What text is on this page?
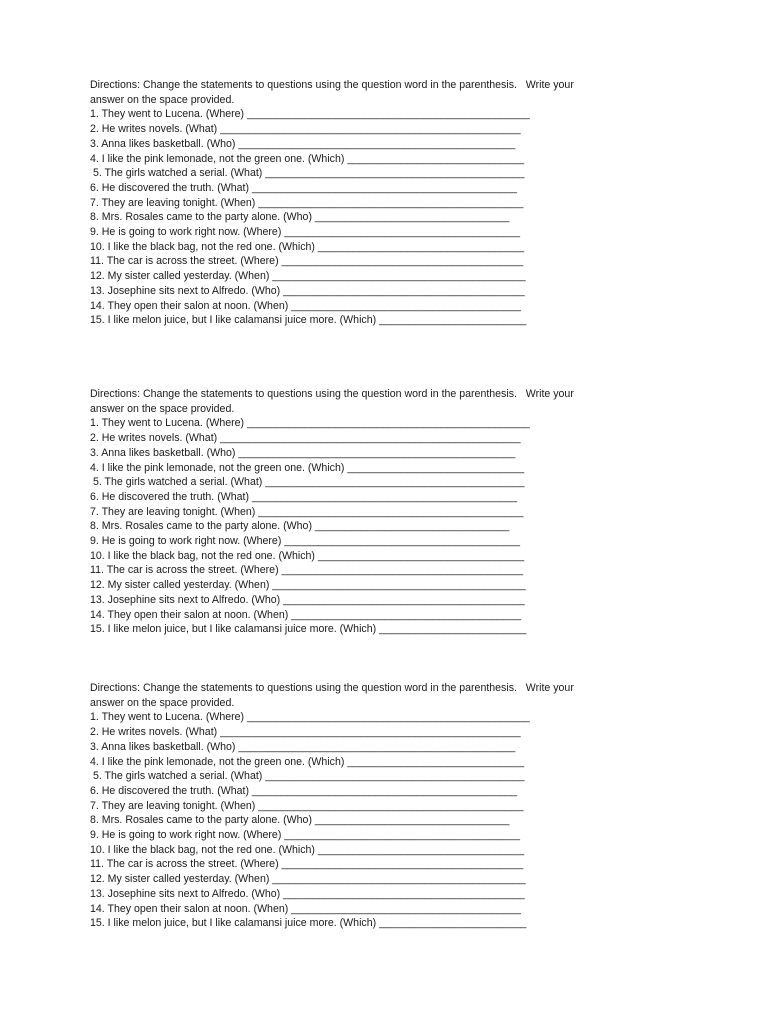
Directions: Change the statements to questions using the question word in the parenthesis.   Write your
answer on the space provided.

1. They went to Lucena. (Where) ________________________________________________
2. He writes novels. (What) ___________________________________________________
3. Anna likes basketball. (Who) _______________________________________________
4. I like the pink lemonade, not the green one. (Which) ______________________________
5. The girls watched a serial. (What) ____________________________________________
6. He discovered the truth. (What) _____________________________________________
7. They are leaving tonight. (When) _____________________________________________
8. Mrs. Rosales came to the party alone. (Who) _________________________________
9. He is going to work right now. (Where) ________________________________________
10. I like the black bag, not the red one. (Which) ___________________________________
11. The car is across the street. (Where) _________________________________________
12. My sister called yesterday. (When) ___________________________________________
13. Josephine sits next to Alfredo. (Who) _________________________________________
14. They open their salon at noon. (When) _______________________________________
15. I like melon juice, but I like calamansi juice more. (Which) _________________________

Directions: Change the statements to questions using the question word in the parenthesis.   Write your
answer on the space provided.

1. They went to Lucena. (Where) ________________________________________________
2. He writes novels. (What) ___________________________________________________
3. Anna likes basketball. (Who) _______________________________________________
4. I like the pink lemonade, not the green one. (Which) ______________________________
5. The girls watched a serial. (What) ____________________________________________
6. He discovered the truth. (What) _____________________________________________
7. They are leaving tonight. (When) _____________________________________________
8. Mrs. Rosales came to the party alone. (Who) _________________________________
9. He is going to work right now. (Where) ________________________________________
10. I like the black bag, not the red one. (Which) ___________________________________
11. The car is across the street. (Where) _________________________________________
12. My sister called yesterday. (When) ___________________________________________
13. Josephine sits next to Alfredo. (Who) _________________________________________
14. They open their salon at noon. (When) _______________________________________
15. I like melon juice, but I like calamansi juice more. (Which) _________________________

Directions: Change the statements to questions using the question word in the parenthesis.   Write your
answer on the space provided.

1. They went to Lucena. (Where) ________________________________________________
2. He writes novels. (What) ___________________________________________________
3. Anna likes basketball. (Who) _______________________________________________
4. I like the pink lemonade, not the green one. (Which) ______________________________
5. The girls watched a serial. (What) ____________________________________________
6. He discovered the truth. (What) _____________________________________________
7. They are leaving tonight. (When) _____________________________________________
8. Mrs. Rosales came to the party alone. (Who) _________________________________
9. He is going to work right now. (Where) ________________________________________
10. I like the black bag, not the red one. (Which) ___________________________________
11. The car is across the street. (Where) _________________________________________
12. My sister called yesterday. (When) ___________________________________________
13. Josephine sits next to Alfredo. (Who) _________________________________________
14. They open their salon at noon. (When) _______________________________________
15. I like melon juice, but I like calamansi juice more. (Which) _________________________
